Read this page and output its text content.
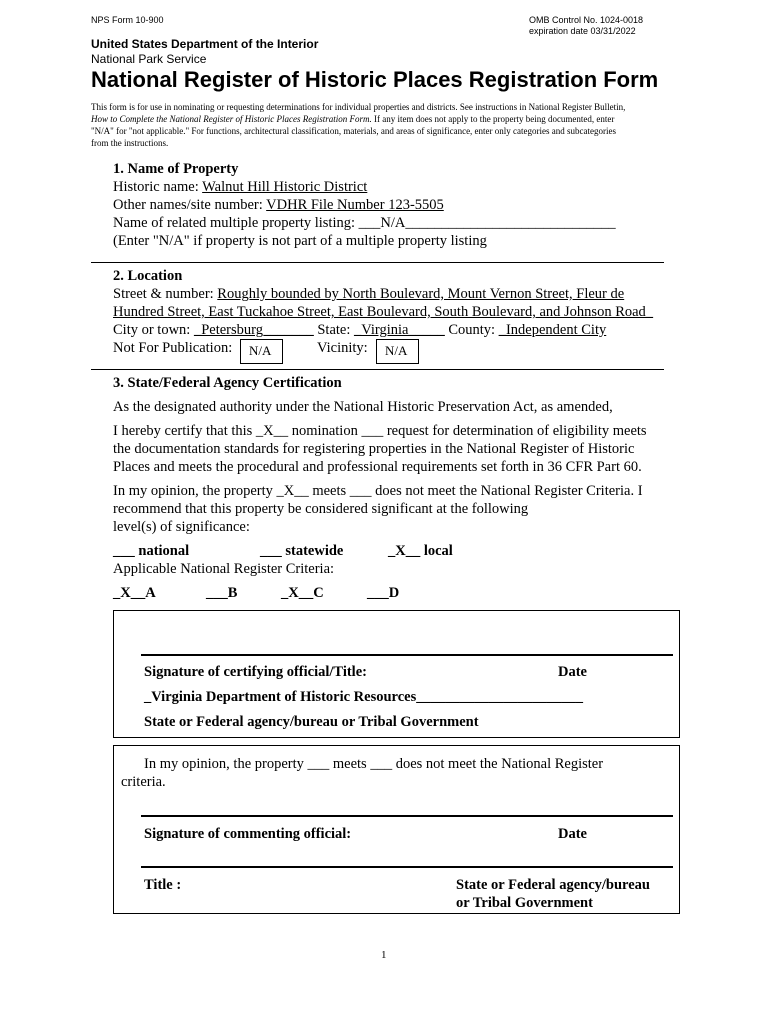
NPS Form 10-900	OMB Control No. 1024-0018
expiration date 03/31/2022
United States Department of the Interior
National Park Service
National Register of Historic Places Registration Form
This form is for use in nominating or requesting determinations for individual properties and districts. See instructions in National Register Bulletin,
How to Complete the National Register of Historic Places Registration Form. If any item does not apply to the property being documented, enter
"N/A" for "not applicable." For functions, architectural classification, materials, and areas of significance, enter only categories and subcategories
from the instructions.
1. Name of Property
Historic name: Walnut Hill Historic District
Other names/site number: VDHR File Number 123-5505
Name of related multiple property listing: ___N/A_____________________________
(Enter "N/A" if property is not part of a multiple property listing
2. Location
Street & number: Roughly bounded by North Boulevard, Mount Vernon Street, Fleur de
Hundred Street, East Tuckahoe Street, East Boulevard, South Boulevard, and Johnson Road_
City or town: _Petersburg_______ State: _Virginia_____ County: _Independent City
Not For Publication:	N/A	Vicinity:	N/A
3. State/Federal Agency Certification
As the designated authority under the National Historic Preservation Act, as amended,
I hereby certify that this _X__ nomination ___ request for determination of eligibility meets
the documentation standards for registering properties in the National Register of Historic
Places and meets the procedural and professional requirements set forth in 36 CFR Part 60.
In my opinion, the property _X__ meets ___ does not meet the National Register Criteria. I
recommend that this property be considered significant at the following
level(s) of significance:
___ national	___ statewide	_X__ local
Applicable National Register Criteria:
_X__A	___B	_X__C	___D
Signature of certifying official/Title:	Date
_Virginia Department of Historic Resources_______________________
State or Federal agency/bureau or Tribal Government
In my opinion, the property ___ meets ___ does not meet the National Register
criteria.
Signature of commenting official:	Date
Title :	State or Federal agency/bureau
or Tribal Government
1
